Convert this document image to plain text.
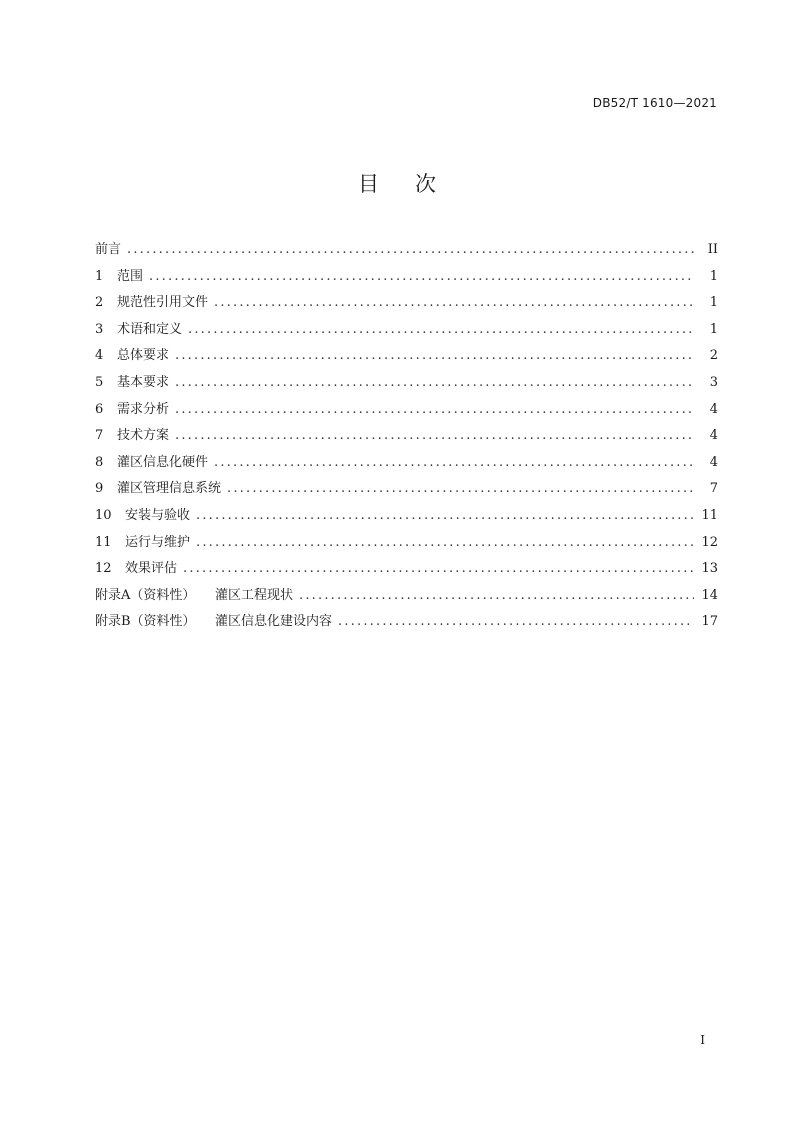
DB52/T 1610—2021
目次
前言 .....	II
1	范围 .....	1
2	规范性引用文件 .....	1
3	术语和定义 .....	1
4	总体要求 .....	2
5	基本要求 .....	3
6	需求分析 .....	4
7	技术方案 .....	4
8	灌区信息化硬件 .....	4
9	灌区管理信息系统 .....	7
10	安装与验收 .....	11
11	运行与维护 .....	12
12	效果评估 .....	13
附录A（资料性）	灌区工程现状 .....	14
附录B（资料性）	灌区信息化建设内容 .....	17
I
